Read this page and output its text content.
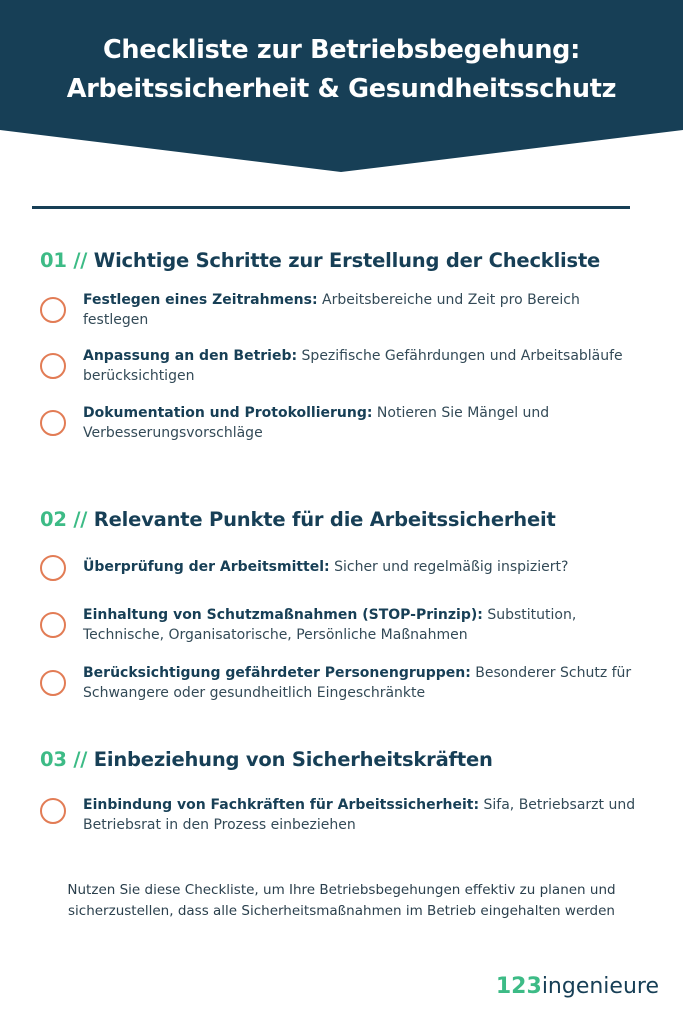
Checkliste zur Betriebsbegehung:
Arbeitssicherheit & Gesundheitsschutz
01 // Wichtige Schritte zur Erstellung der Checkliste
Festlegen eines Zeitrahmens: Arbeitsbereiche und Zeit pro Bereich festlegen
Anpassung an den Betrieb: Spezifische Gefährdungen und Arbeitsabläufe berücksichtigen
Dokumentation und Protokollierung: Notieren Sie Mängel und Verbesserungsvorschläge
02 // Relevante Punkte für die Arbeitssicherheit
Überprüfung der Arbeitsmittel: Sicher und regelmäßig inspiziert?
Einhaltung von Schutzmaßnahmen (STOP-Prinzip): Substitution, Technische, Organisatorische, Persönliche Maßnahmen
Berücksichtigung gefährdeter Personengruppen: Besonderer Schutz für Schwangere oder gesundheitlich Eingeschränkte
03 // Einbeziehung von Sicherheitskräften
Einbindung von Fachkräften für Arbeitssicherheit: Sifa, Betriebsarzt und Betriebsrat in den Prozess einbeziehen
Nutzen Sie diese Checkliste, um Ihre Betriebsbegehungen effektiv zu planen und sicherzustellen, dass alle Sicherheitsmaßnahmen im Betrieb eingehalten werden
123ingenieure
